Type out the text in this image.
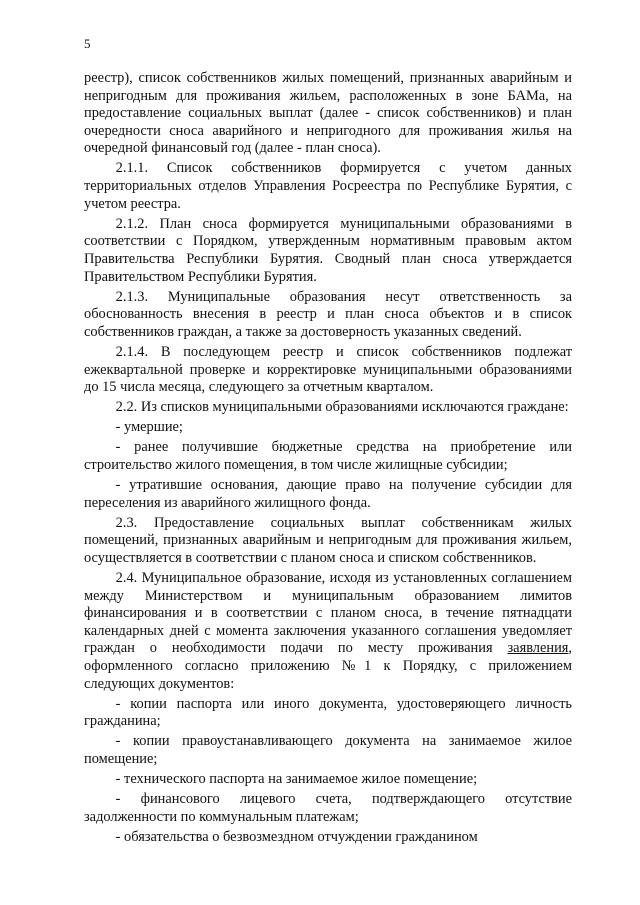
5

реестр), список собственников жилых помещений, признанных аварийным и непригодным для проживания жильем, расположенных в зоне БАМа, на предоставление социальных выплат (далее - список собственников) и план очередности сноса аварийного и непригодного для проживания жилья на очередной финансовый год (далее - план сноса).

2.1.1. Список собственников формируется с учетом данных территориальных отделов Управления Росреестра по Республике Бурятия, с учетом реестра.

2.1.2. План сноса формируется муниципальными образованиями в соответствии с Порядком, утвержденным нормативным правовым актом Правительства Республики Бурятия. Сводный план сноса утверждается Правительством Республики Бурятия.

2.1.3. Муниципальные образования несут ответственность за обоснованность внесения в реестр и план сноса объектов и в список собственников граждан, а также за достоверность указанных сведений.

2.1.4. В последующем реестр и список собственников подлежат ежеквартальной проверке и корректировке муниципальными образованиями до 15 числа месяца, следующего за отчетным кварталом.

2.2. Из списков муниципальными образованиями исключаются граждане:

- умершие;

- ранее получившие бюджетные средства на приобретение или строительство жилого помещения, в том числе жилищные субсидии;

- утратившие основания, дающие право на получение субсидии для переселения из аварийного жилищного фонда.

2.3. Предоставление социальных выплат собственникам жилых помещений, признанных аварийным и непригодным для проживания жильем, осуществляется в соответствии с планом сноса и списком собственников.

2.4. Муниципальное образование, исходя из установленных соглашением между Министерством и муниципальным образованием лимитов финансирования и в соответствии с планом сноса, в течение пятнадцати календарных дней с момента заключения указанного соглашения уведомляет граждан о необходимости подачи по месту проживания заявления, оформленного согласно приложению №1 к Порядку, с приложением следующих документов:

- копии паспорта или иного документа, удостоверяющего личность гражданина;

- копии правоустанавливающего документа на занимаемое жилое помещение;

- технического паспорта на занимаемое жилое помещение;

- финансового лицевого счета, подтверждающего отсутствие задолженности по коммунальным платежам;

- обязательства о безвозмездном отчуждении гражданином
